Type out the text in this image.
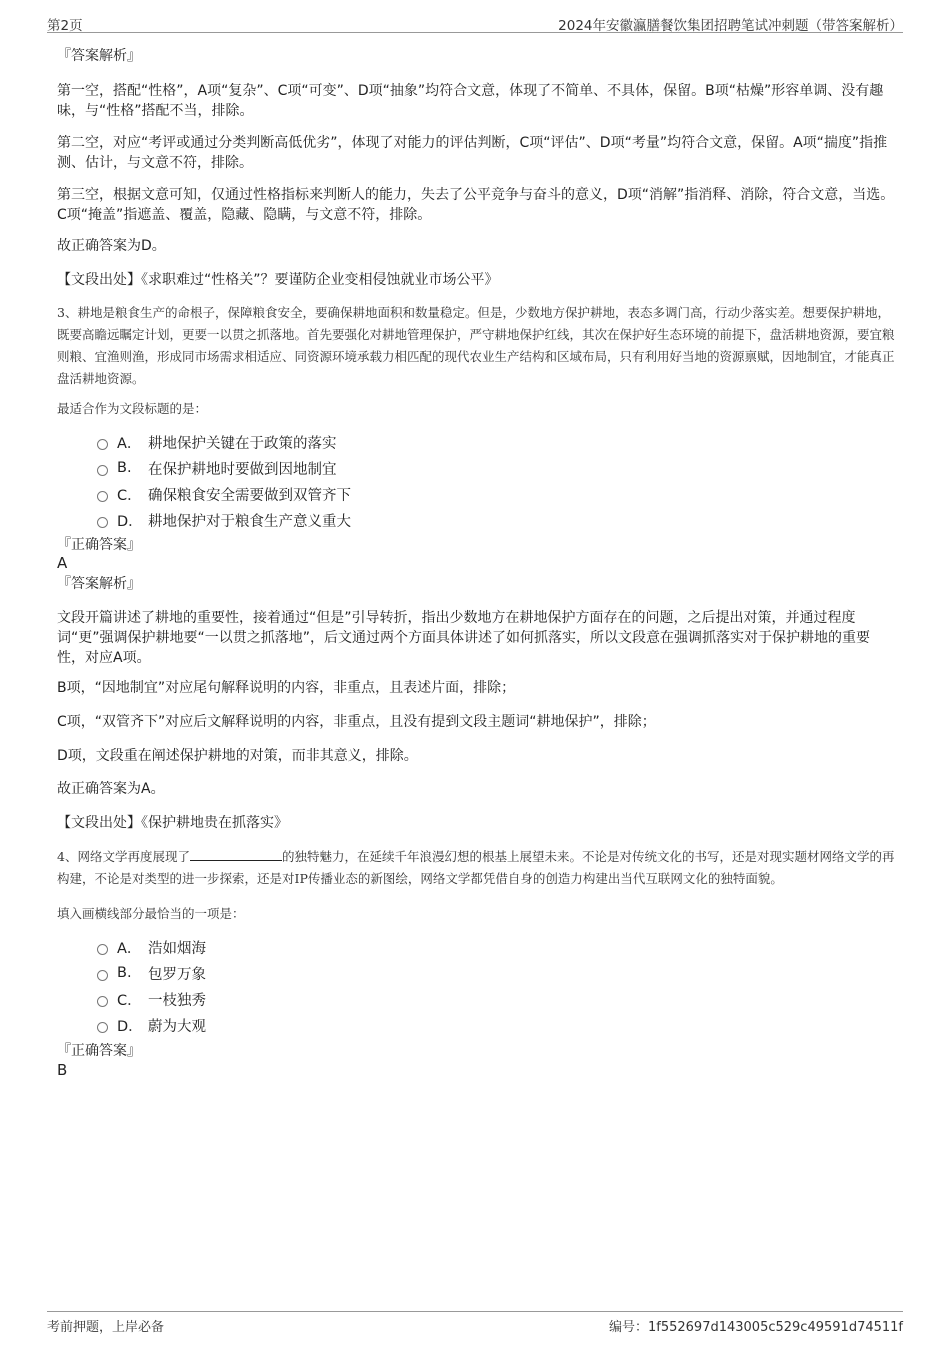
第2页	2024年安徽瀛膳餐饮集团招聘笔试冲刺题（带答案解析）
『答案解析』

第一空，搭配“性格”，A项“复杂”、C项“可变”、D项“抽象”均符合文意，体现了不简单、不具体，保留。B项“枯燥”形容单调、没有趣味，与“性格”搭配不当，排除。

第二空，对应“考评或通过分类判断高低优劣”，体现了对能力的评估判断，C项“评估”、D项“考量”均符合文意，保留。A项“揣度”指推测、估计，与文意不符，排除。

第三空，根据文意可知，仅通过性格指标来判断人的能力，失去了公平竞争与奋斗的意义，D项“消解”指消释、消除，符合文意，当选。C项“掩盖”指遮盖、覆盖，隐藏、隐瞒，与文意不符，排除。

故正确答案为D。

【文段出处】《求职难过“性格关”？要谨防企业变相侵蚀就业市场公平》

3、耕地是粮食生产的命根子，保障粮食安全，要确保耕地面积和数量稳定。但是，少数地方保护耕地，表态多调门高，行动少落实差。想要保护耕地，既要高瞻远瞩定计划，更要一以贯之抓落地。首先要强化对耕地管理保护，严守耕地保护红线，其次在保护好生态环境的前提下，盘活耕地资源，要宜粮则粮、宜渔则渔，形成同市场需求相适应、同资源环境承载力相匹配的现代农业生产结构和区域布局，只有利用好当地的资源禀赋，因地制宜，才能真正盘活耕地资源。

最适合作为文段标题的是：

A． 耕地保护关键在于政策的落实
B.	在保护耕地时要做到因地制宜
C． 确保粮食安全需要做到双管齐下
D． 耕地保护对于粮食生产意义重大
『正确答案』
A
『答案解析』

文段开篇讲述了耕地的重要性，接着通过“但是”引导转折，指出少数地方在耕地保护方面存在的问题，之后提出对策，并通过程度词“更”强调保护耕地要“一以贯之抓落地”，后文通过两个方面具体讲述了如何抓落实，所以文段意在强调抓落实对于保护耕地的重要性，对应A项。

B项，“因地制宜”对应尾句解释说明的内容，非重点，且表述片面，排除；

C项，“双管齐下”对应后文解释说明的内容，非重点，且没有提到文段主题词“耕地保护”，排除；

D项，文段重在阐述保护耕地的对策，而非其意义，排除。

故正确答案为A。

【文段出处】《保护耕地贵在抓落实》

4、网络文学再度展现了	的独特魅力，在延续千年浪漫幻想的根基上展望未来。不论是对传统文化的书写，还是对现实题材网络文学的再构建，不论是对类型的进一步探索，还是对IP传播业态的新图绘，网络文学都凭借自身的创造力构建出当代互联网文化的独特面貌。

填入画横线部分最恰当的一项是：

A． 浩如烟海
B.	包罗万象
C． 一枝独秀
D． 蔚为大观
『正确答案』
B
考前押题，上岸必备	编号：1f552697d143005c529c49591d74511f
